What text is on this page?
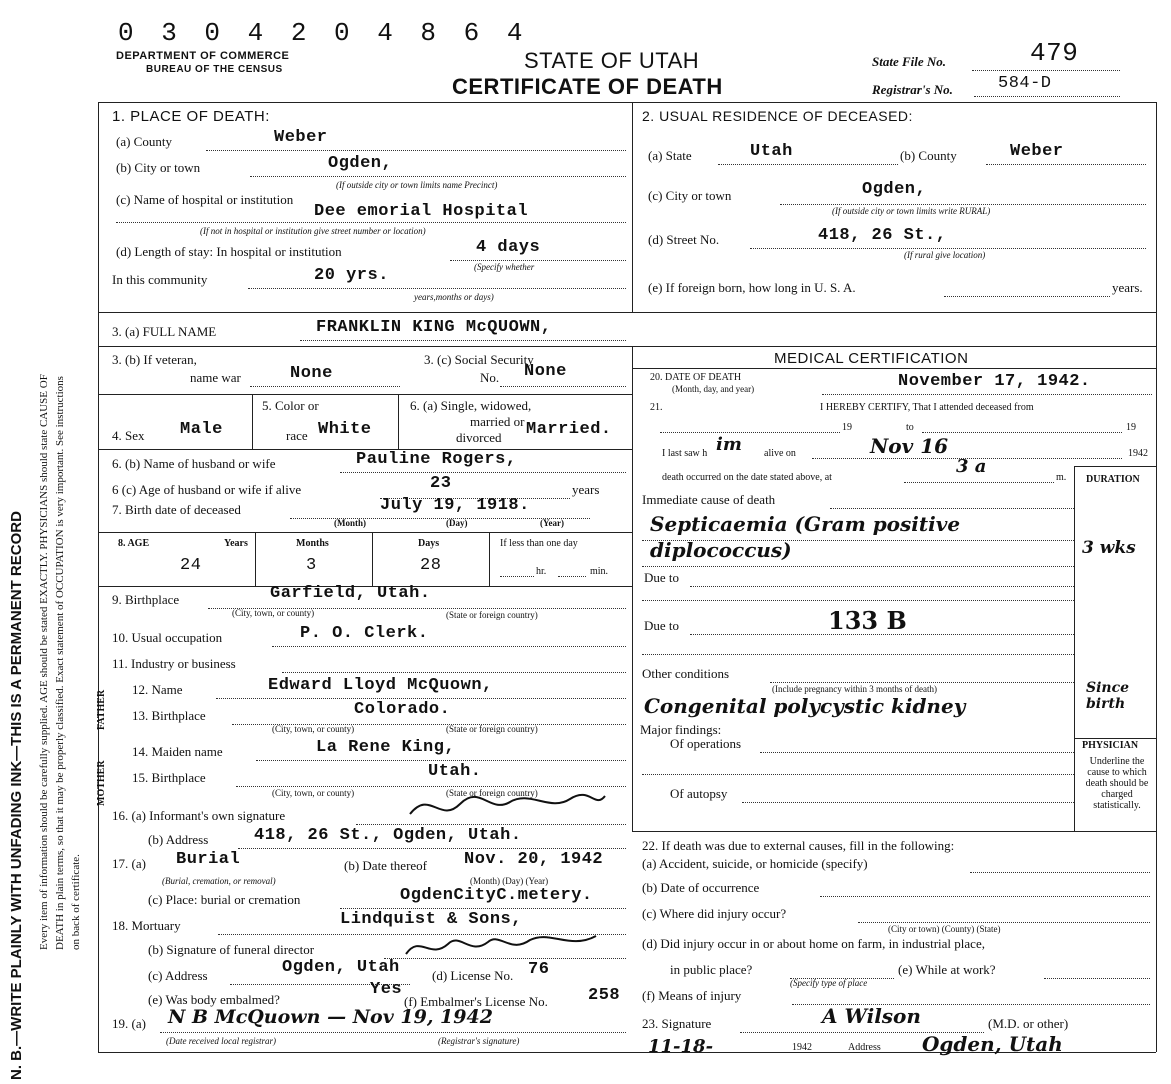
0 3 0 4 2 0 4 8 6 4
DEPARTMENT OF COMMERCE
BUREAU OF THE CENSUS	STATE OF UTAH
CERTIFICATE OF DEATH
State File No.	479
Registrar's No.	584-D
N. B.—WRITE PLAINLY WITH UNFADING INK—THIS IS A PERMANENT RECORD Every item of information should be carefully supplied. AGE should be stated EXACTLY. PHYSICIANS should state CAUSE OF DEATH in plain terms, so that it may be properly classified. Exact statement of OCCUPATION is very important. See instructions on back of certificate.
1. PLACE OF DEATH:
(a) County	Weber
(b) City or town	Ogden,
(If outside city or town limits name Precinct)
(c) Name of hospital or institution
Dee emorial Hospital
(If not in hospital or institution give street number or location)
(d) Length of stay: In hospital or institution	4 days
(Specify whether
In this community	20 yrs.
years,months or days)
2. USUAL RESIDENCE OF DECEASED:
(a) State	Utah	(b) County	Weber
(c) City or town	Ogden,
(If outside city or town limits write RURAL)
(d) Street No.	418, 26 St.,
(If rural give location)
(e) If foreign born, how long in U. S. A.	years.
3. (a) FULL NAME	FRANKLIN KING McQUOWN,
3. (b) If veteran,
name war	None
3. (c) Social Security
No. None
4. Sex Male
5. Color or
race White
6. (a) Single, widowed,
married or
divorced Married.
6. (b) Name of husband or wife	Pauline Rogers,
6 (c) Age of husband or wife if alive	23	years
7. Birth date of deceased	July 19, 1918.
(Month)	(Day)	(Year)
8. AGE	Years	Months	Days	If less than one day
24	3	28	hr.	min.
9. Birthplace	Garfield, Utah.
(City, town, or county)	(State or foreign country)
10. Usual occupation	P. O. Clerk.
11. Industry or business
FATHER
12. Name	Edward Lloyd McQuown,
13. Birthplace	Colorado.
(City, town, or county)	(State or foreign country)
MOTHER
14. Maiden name	La Rene King,
15. Birthplace	Utah.
(City, town, or county)	(State or foreign country)
16. (a) Informant's own signature
(b) Address	418, 26 St., Ogden, Utah.
17. (a) Burial
(Burial, cremation, or removal)
(b) Date thereof Nov. 20, 1942
(Month) (Day) (Year)
(c) Place: burial or cremation	OgdenCityC.metery.
18. Mortuary	Lindquist & Sons,
(b) Signature of funeral director
(c) Address	Ogden, Utah (d) License No. 76
(e) Was body embalmed?
Yes
(f) Embalmer's License No. 258
19. (a) N B McQuown — Nov 19, 1942
(Date received local registrar)	(Registrar's signature)
MEDICAL CERTIFICATION
20. DATE OF DEATH
(Month, day, and year)	November 17, 1942.
21.	I HEREBY CERTIFY, That I attended deceased from
19	to	19
I last saw h im alive on	Nov 16	1942
death occurred on the date stated above, at
3 a
m. DURATION
Immediate cause of death
Septicaemia (Gram positive
diplococcus)	3 wks
Due to
Due to	133 B
Other conditions
(Include pregnancy within 3 months of death)
Congenital polycystic kidney
Since birth
Major findings:
Of operations
Of autopsy
PHYSICIAN
Underline the cause to which death should be charged statistically.
22. If death was due to external causes, fill in the following:
(a) Accident, suicide, or homicide (specify)
(b) Date of occurrence
(c) Where did injury occur?
(City or town) (County) (State)
(d) Did injury occur in or about home on farm, in industrial place,
in public place?
(Specify type of place
(e) While at work?
(f) Means of injury
23. Signature	A Wilson	(M.D. or other)
11-18-	1942	Address Ogden, Utah
